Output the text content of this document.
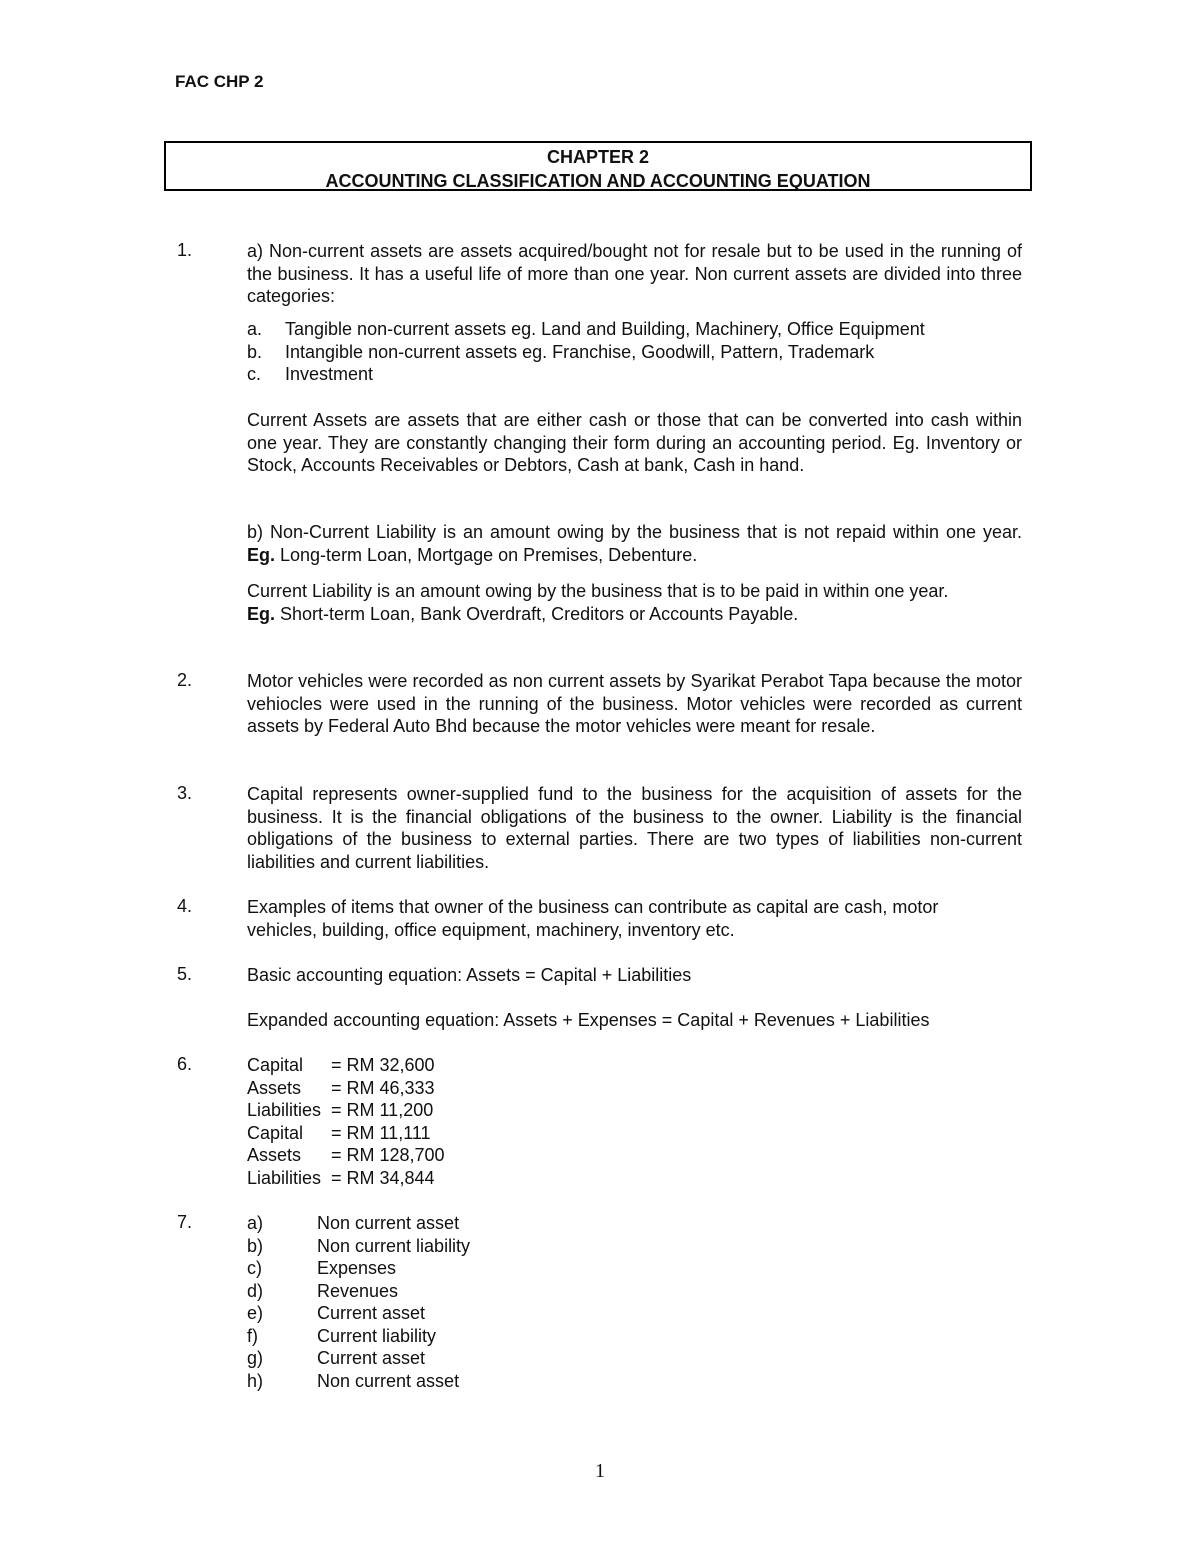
FAC CHP 2
CHAPTER 2
ACCOUNTING CLASSIFICATION AND ACCOUNTING EQUATION
1.	a) Non-current assets are assets acquired/bought not for resale but to be used in the running of the business. It has a useful life of more than one year. Non current assets are divided into three categories:
a. Tangible non-current assets eg. Land and Building, Machinery, Office Equipment
b. Intangible non-current assets eg. Franchise, Goodwill, Pattern, Trademark
c. Investment
Current Assets are assets that are either cash or those that can be converted into cash within one year. They are constantly changing their form during an accounting period. Eg. Inventory or Stock, Accounts Receivables or Debtors, Cash at bank, Cash in hand.
b) Non-Current Liability is an amount owing by the business that is not repaid within one year. Eg. Long-term Loan, Mortgage on Premises, Debenture.
Current Liability is an amount owing by the business that is to be paid in within one year.
Eg. Short-term Loan, Bank Overdraft, Creditors or Accounts Payable.
2.	Motor vehicles were recorded as non current assets by Syarikat Perabot Tapa because the motor vehiocles were used in the running of the business. Motor vehicles were recorded as current assets by Federal Auto Bhd because the motor vehicles were meant for resale.
3.	Capital represents owner-supplied fund to the business for the acquisition of assets for the business. It is the financial obligations of the business to the owner. Liability is the financial obligations of the business to external parties. There are two types of liabilities non-current liabilities and current liabilities.
4.	Examples of items that owner of the business can contribute as capital are cash, motor
vehicles, building, office equipment, machinery, inventory etc.
5.	Basic accounting equation: Assets = Capital + Liabilities
Expanded accounting equation: Assets + Expenses = Capital + Revenues + Liabilities
6.	Capital = RM 32,600
Assets = RM 46,333
Liabilities = RM 11,200
Capital = RM 11,111
Assets = RM 128,700
Liabilities = RM 34,844
7.	a)	Non current asset
b)	Non current liability
c)	Expenses
d)	Revenues
e)	Current asset
f)	Current liability
g)	Current asset
h)	Non current asset
1
